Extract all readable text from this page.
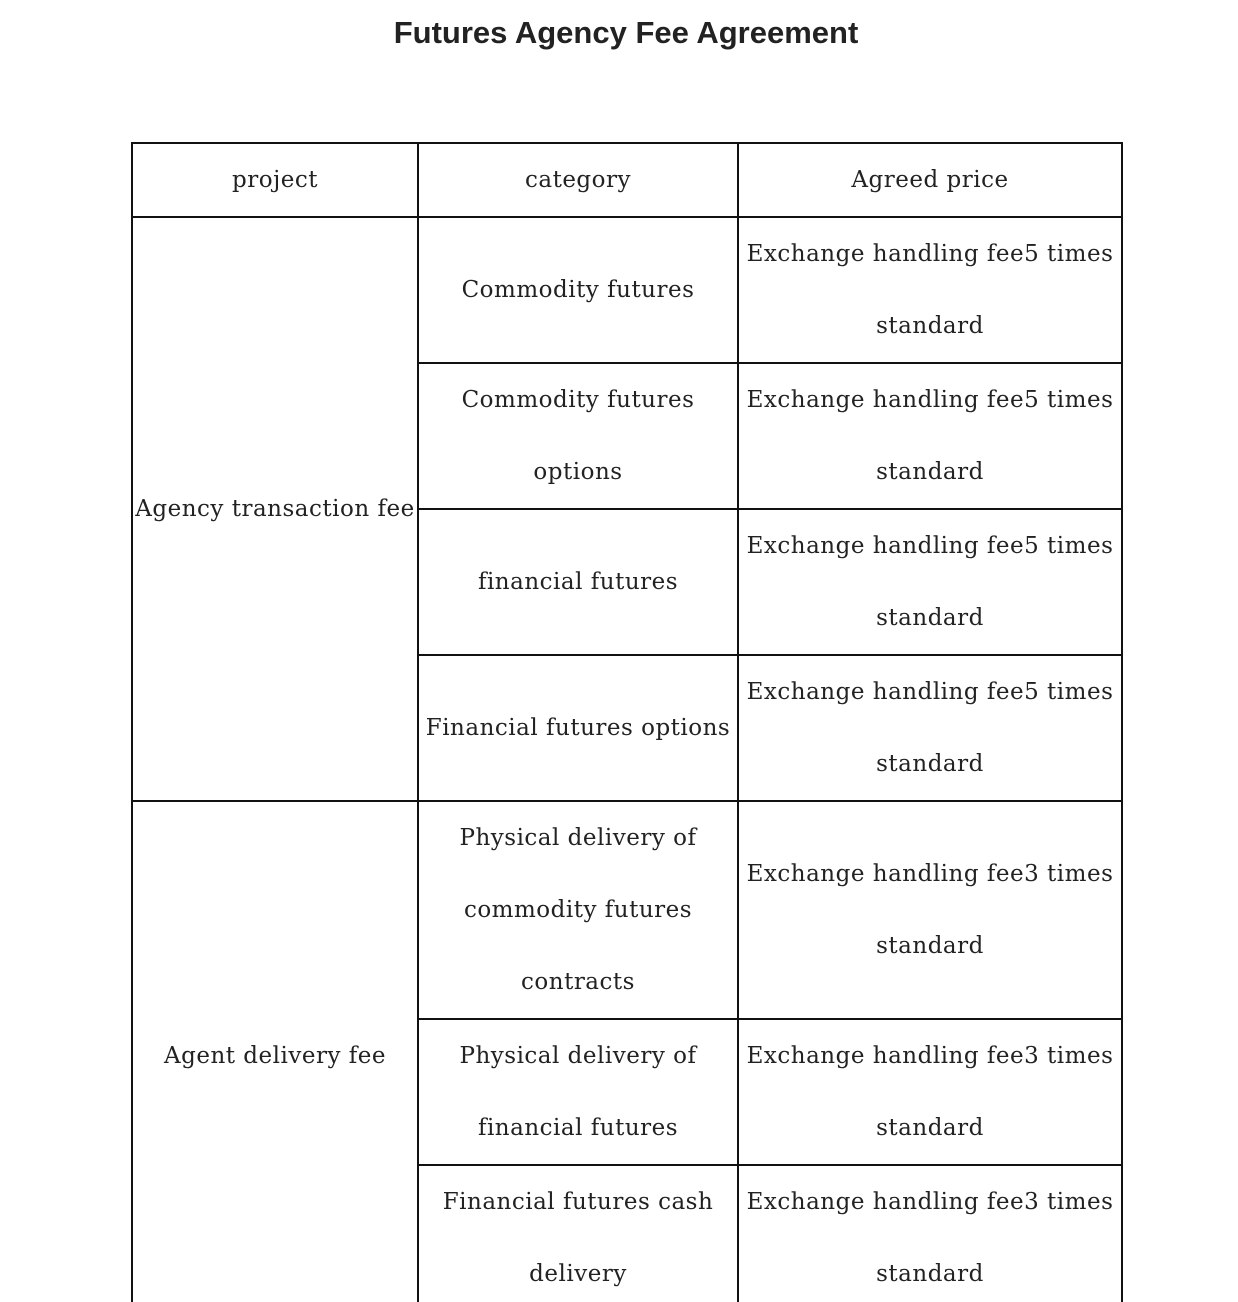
Futures Agency Fee Agreement
project	category	Agreed price
Agency transaction fee	Commodity futures	Exchange handling fee5 times standard
	Commodity futures options	Exchange handling fee5 times standard
	financial futures	Exchange handling fee5 times standard
	Financial futures options	Exchange handling fee5 times standard
Agent delivery fee	Physical delivery of commodity futures contracts	Exchange handling fee3 times standard
	Physical delivery of financial futures	Exchange handling fee3 times standard
	Financial futures cash delivery	Exchange handling fee3 times standard
